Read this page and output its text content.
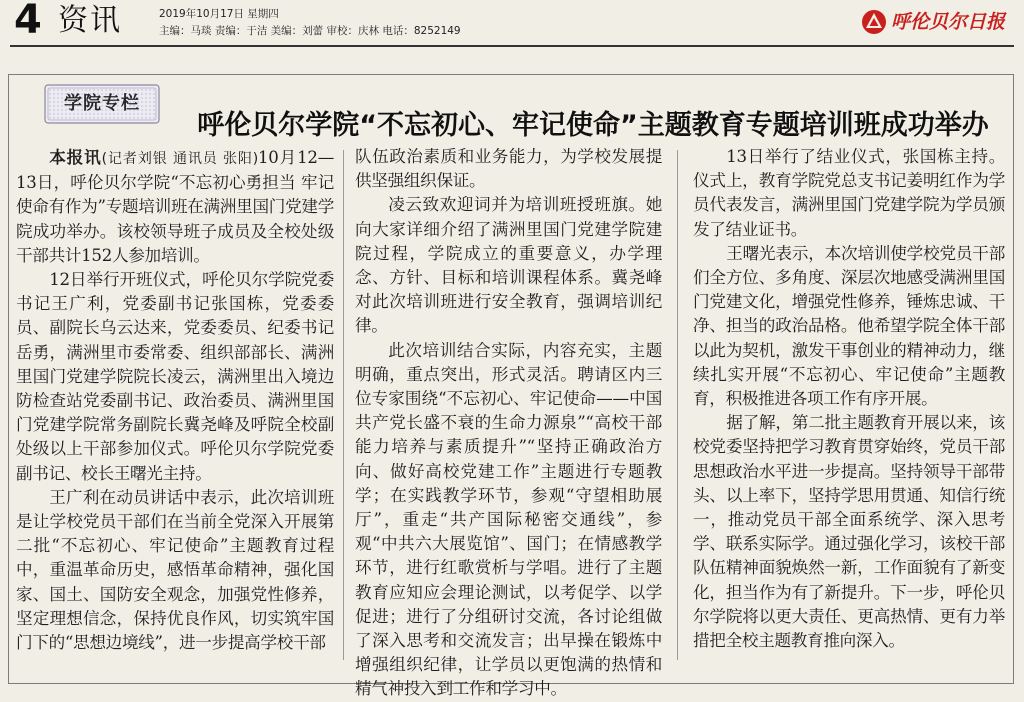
4 资讯	2019年10月17日 星期四
主编：马琰 责编：于洁 美编：刘蕾 审校：庆林 电话：8252149	呼伦贝尔日报
学院专栏
呼伦贝尔学院“不忘初心、牢记使命”主题教育专题培训班成功举办

本报讯(记者刘银 通讯员 张阳)10月12—13日，呼伦贝尔学院“不忘初心勇担当 牢记使命有作为”专题培训班在满洲里国门党建学院成功举办。该校领导班子成员及全校处级干部共计152人参加培训。

12日举行开班仪式，呼伦贝尔学院党委书记王广利，党委副书记张国栋，党委委员、副院长乌云达来，党委委员、纪委书记岳勇，满洲里市委常委、组织部部长、满洲里国门党建学院院长凌云，满洲里出入境边防检查站党委副书记、政治委员、满洲里国门党建学院常务副院长冀尧峰及呼院全校副处级以上干部参加仪式。呼伦贝尔学院党委副书记、校长王曙光主持。

王广利在动员讲话中表示，此次培训班是让学校党员干部们在当前全党深入开展第二批“不忘初心、牢记使命”主题教育过程中，重温革命历史，感悟革命精神，强化国家、国土、国防安全观念，加强党性修养，坚定理想信念，保持优良作风，切实筑牢国门下的“思想边境线”，进一步提高学校干部

队伍政治素质和业务能力，为学校发展提供坚强组织保证。

凌云致欢迎词并为培训班授班旗。她向大家详细介绍了满洲里国门党建学院建院过程，学院成立的重要意义，办学理念、方针、目标和培训课程体系。冀尧峰对此次培训班进行安全教育，强调培训纪律。

此次培训结合实际，内容充实，主题明确，重点突出，形式灵活。聘请区内三位专家围绕“不忘初心、牢记使命——中国共产党长盛不衰的生命力源泉”“高校干部能力培养与素质提升”“坚持正确政治方向、做好高校党建工作”主题进行专题教学；在实践教学环节，参观“守望相助展厅”，重走“共产国际秘密交通线”，参观“中共六大展览馆”、国门；在情感教学环节，进行红歌赏析与学唱。进行了主题教育应知应会理论测试，以考促学、以学促进；进行了分组研讨交流，各讨论组做了深入思考和交流发言；出早操在锻炼中增强组织纪律，让学员以更饱满的热情和精气神投入到工作和学习中。

13日举行了结业仪式，张国栋主持。仪式上，教育学院党总支书记姜明红作为学员代表发言，满洲里国门党建学院为学员颁发了结业证书。

王曙光表示，本次培训使学校党员干部们全方位、多角度、深层次地感受满洲里国门党建文化，增强党性修养，锤炼忠诚、干净、担当的政治品格。他希望学院全体干部以此为契机，激发干事创业的精神动力，继续扎实开展“不忘初心、牢记使命”主题教育，积极推进各项工作有序开展。

据了解，第二批主题教育开展以来，该校党委坚持把学习教育贯穿始终，党员干部思想政治水平进一步提高。坚持领导干部带头、以上率下，坚持学思用贯通、知信行统一，推动党员干部全面系统学、深入思考学、联系实际学。通过强化学习，该校干部队伍精神面貌焕然一新，工作面貌有了新变化，担当作为有了新提升。下一步，呼伦贝尔学院将以更大责任、更高热情、更有力举措把全校主题教育推向深入。
